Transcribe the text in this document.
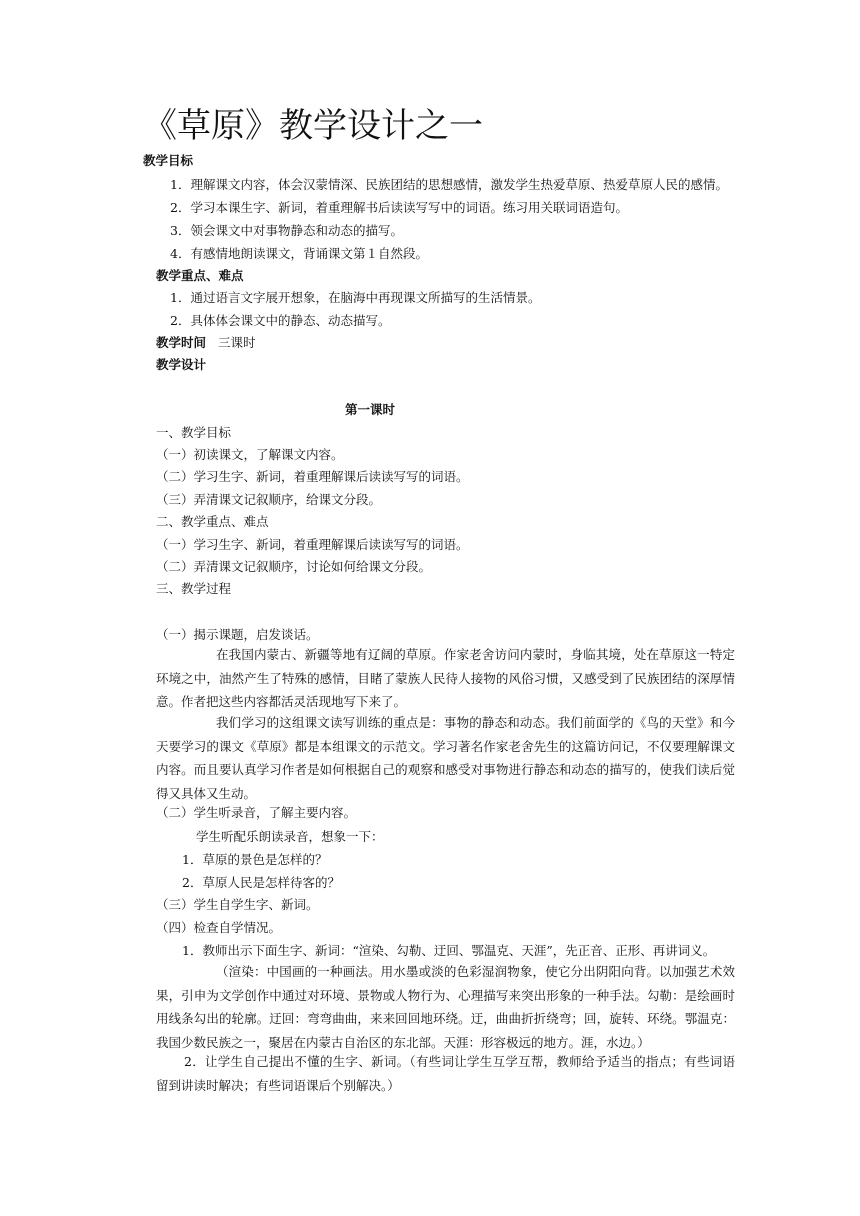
《草原》教学设计之一
教学目标
1．理解课文内容，体会汉蒙情深、民族团结的思想感情，激发学生热爱草原、热爱草原人民的感情。
2．学习本课生字、新词，着重理解书后读读写写中的词语。练习用关联词语造句。
3．领会课文中对事物静态和动态的描写。
4．有感情地朗读课文，背诵课文第１自然段。
教学重点、难点
1．通过语言文字展开想象，在脑海中再现课文所描写的生活情景。
2．具体体会课文中的静态、动态描写。
教学时间 三课时
教学设计
第一课时
一、教学目标
（一）初读课文，了解课文内容。
（二）学习生字、新词，着重理解课后读读写写的词语。
（三）弄清课文记叙顺序，给课文分段。
二、教学重点、难点
（一）学习生字、新词，着重理解课后读读写写的词语。
（二）弄清课文记叙顺序，讨论如何给课文分段。
三、教学过程
（一）揭示课题，启发谈话。
在我国内蒙古、新疆等地有辽阔的草原。作家老舍访问内蒙时，身临其境，处在草原这一特定环境之中，油然产生了特殊的感情，目睹了蒙族人民待人接物的风俗习惯，又感受到了民族团结的深厚情意。作者把这些内容都活灵活现地写下来了。
我们学习的这组课文读写训练的重点是：事物的静态和动态。我们前面学的《鸟的天堂》和今天要学习的课文《草原》都是本组课文的示范文。学习著名作家老舍先生的这篇访问记，不仅要理解课文内容。而且要认真学习作者是如何根据自己的观察和感受对事物进行静态和动态的描写的，使我们读后觉得又具体又生动。
（二）学生听录音，了解主要内容。
学生听配乐朗读录音，想象一下：
1．草原的景色是怎样的？
2．草原人民是怎样待客的？
（三）学生自学生字、新词。
（四）检查自学情况。
1．教师出示下面生字、新词：“渲染、勾勒、迂回、鄂温克、天涯”，先正音、正形、再讲词义。
（渲染：中国画的一种画法。用水墨或淡的色彩湿润物象，使它分出阴阳向背。以加强艺术效果，引申为文学创作中通过对环境、景物或人物行为、心理描写来突出形象的一种手法。勾勒：是绘画时用线条勾出的轮廓。迂回：弯弯曲曲，来来回回地环绕。迂，曲曲折折绕弯；回，旋转、环绕。鄂温克：我国少数民族之一，聚居在内蒙古自治区的东北部。天涯：形容极远的地方。涯，水边。）
2．让学生自己提出不懂的生字、新词。（有些词让学生互学互帮，教师给予适当的指点；有些词语留到讲读时解决；有些词语课后个别解决。）
